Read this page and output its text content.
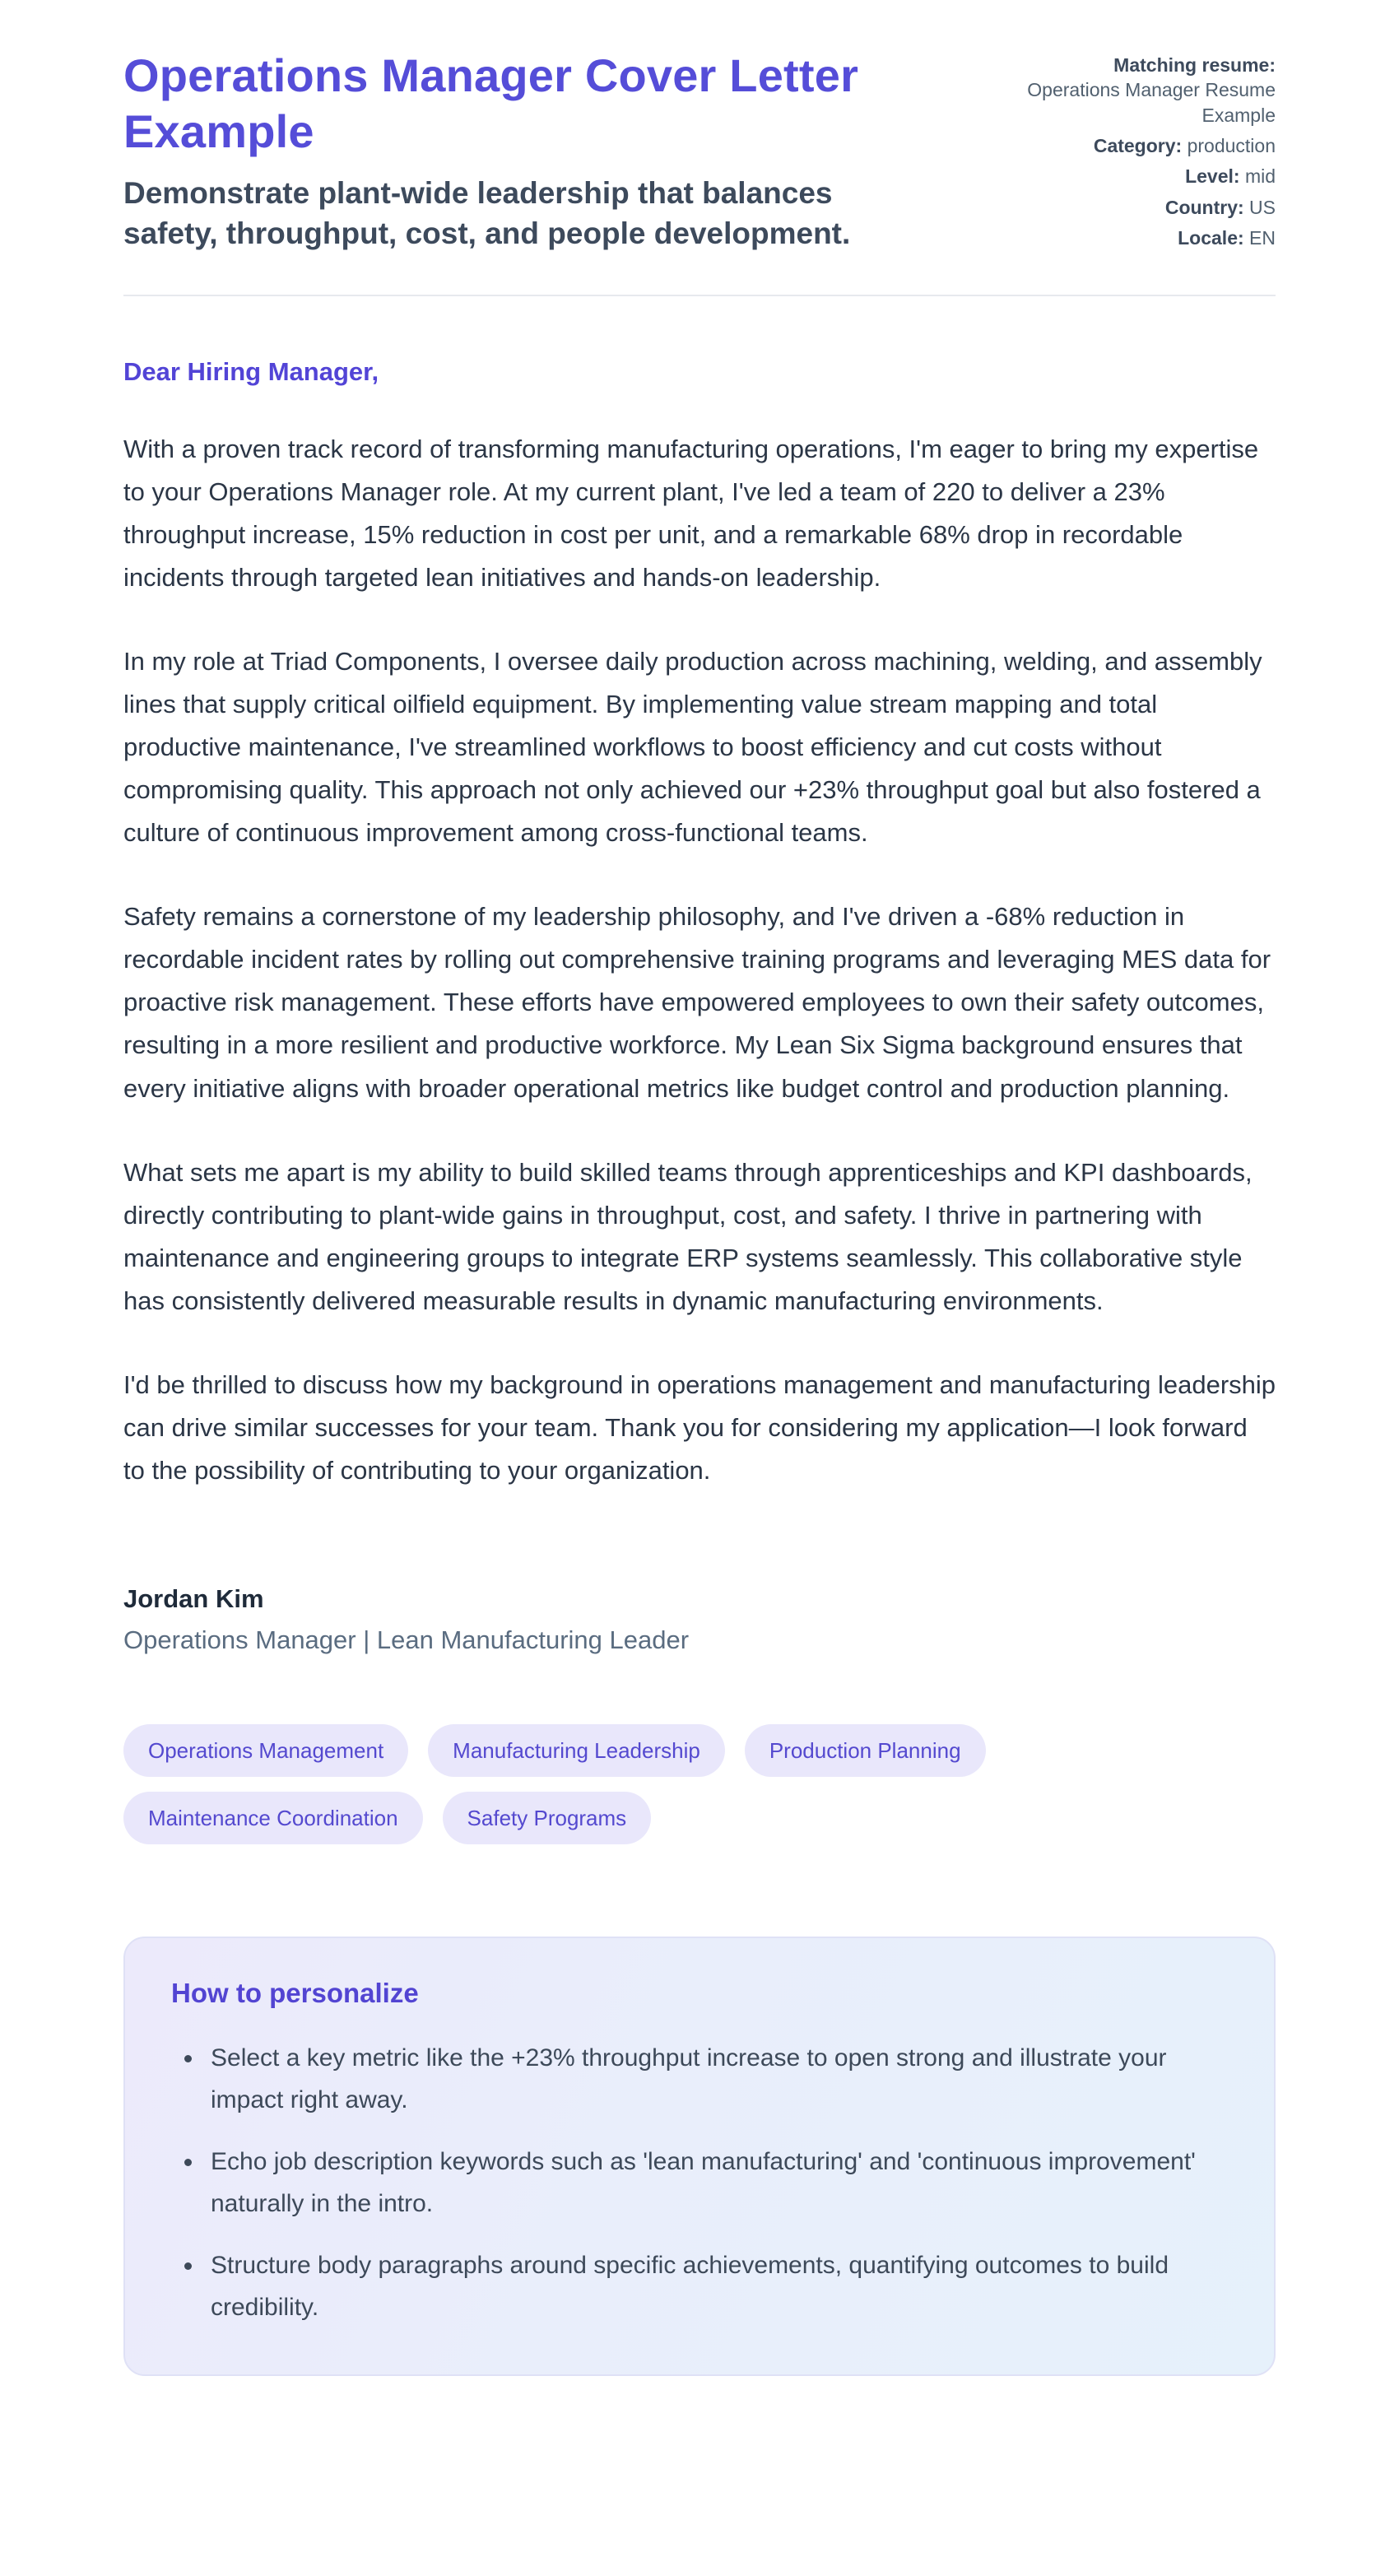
Operations Manager Cover Letter Example

Demonstrate plant-wide leadership that balances safety, throughput, cost, and people development.

Matching resume:
Operations Manager Resume Example
Category: production
Level: mid
Country: US
Locale: EN

Dear Hiring Manager,

With a proven track record of transforming manufacturing operations, I'm eager to bring my expertise to your Operations Manager role. At my current plant, I've led a team of 220 to deliver a 23% throughput increase, 15% reduction in cost per unit, and a remarkable 68% drop in recordable incidents through targeted lean initiatives and hands-on leadership.

In my role at Triad Components, I oversee daily production across machining, welding, and assembly lines that supply critical oilfield equipment. By implementing value stream mapping and total productive maintenance, I've streamlined workflows to boost efficiency and cut costs without compromising quality. This approach not only achieved our +23% throughput goal but also fostered a culture of continuous improvement among cross-functional teams.

Safety remains a cornerstone of my leadership philosophy, and I've driven a -68% reduction in recordable incident rates by rolling out comprehensive training programs and leveraging MES data for proactive risk management. These efforts have empowered employees to own their safety outcomes, resulting in a more resilient and productive workforce. My Lean Six Sigma background ensures that every initiative aligns with broader operational metrics like budget control and production planning.

What sets me apart is my ability to build skilled teams through apprenticeships and KPI dashboards, directly contributing to plant-wide gains in throughput, cost, and safety. I thrive in partnering with maintenance and engineering groups to integrate ERP systems seamlessly. This collaborative style has consistently delivered measurable results in dynamic manufacturing environments.

I'd be thrilled to discuss how my background in operations management and manufacturing leadership can drive similar successes for your team. Thank you for considering my application—I look forward to the possibility of contributing to your organization.

Jordan Kim

Operations Manager | Lean Manufacturing Leader

Operations Management	Manufacturing Leadership	Production Planning
Maintenance Coordination	Safety Programs
How to personalize
• Select a key metric like the +23% throughput increase to open strong and illustrate your impact right away.
• Echo job description keywords such as 'lean manufacturing' and 'continuous improvement' naturally in the intro.
• Structure body paragraphs around specific achievements, quantifying outcomes to build credibility.
